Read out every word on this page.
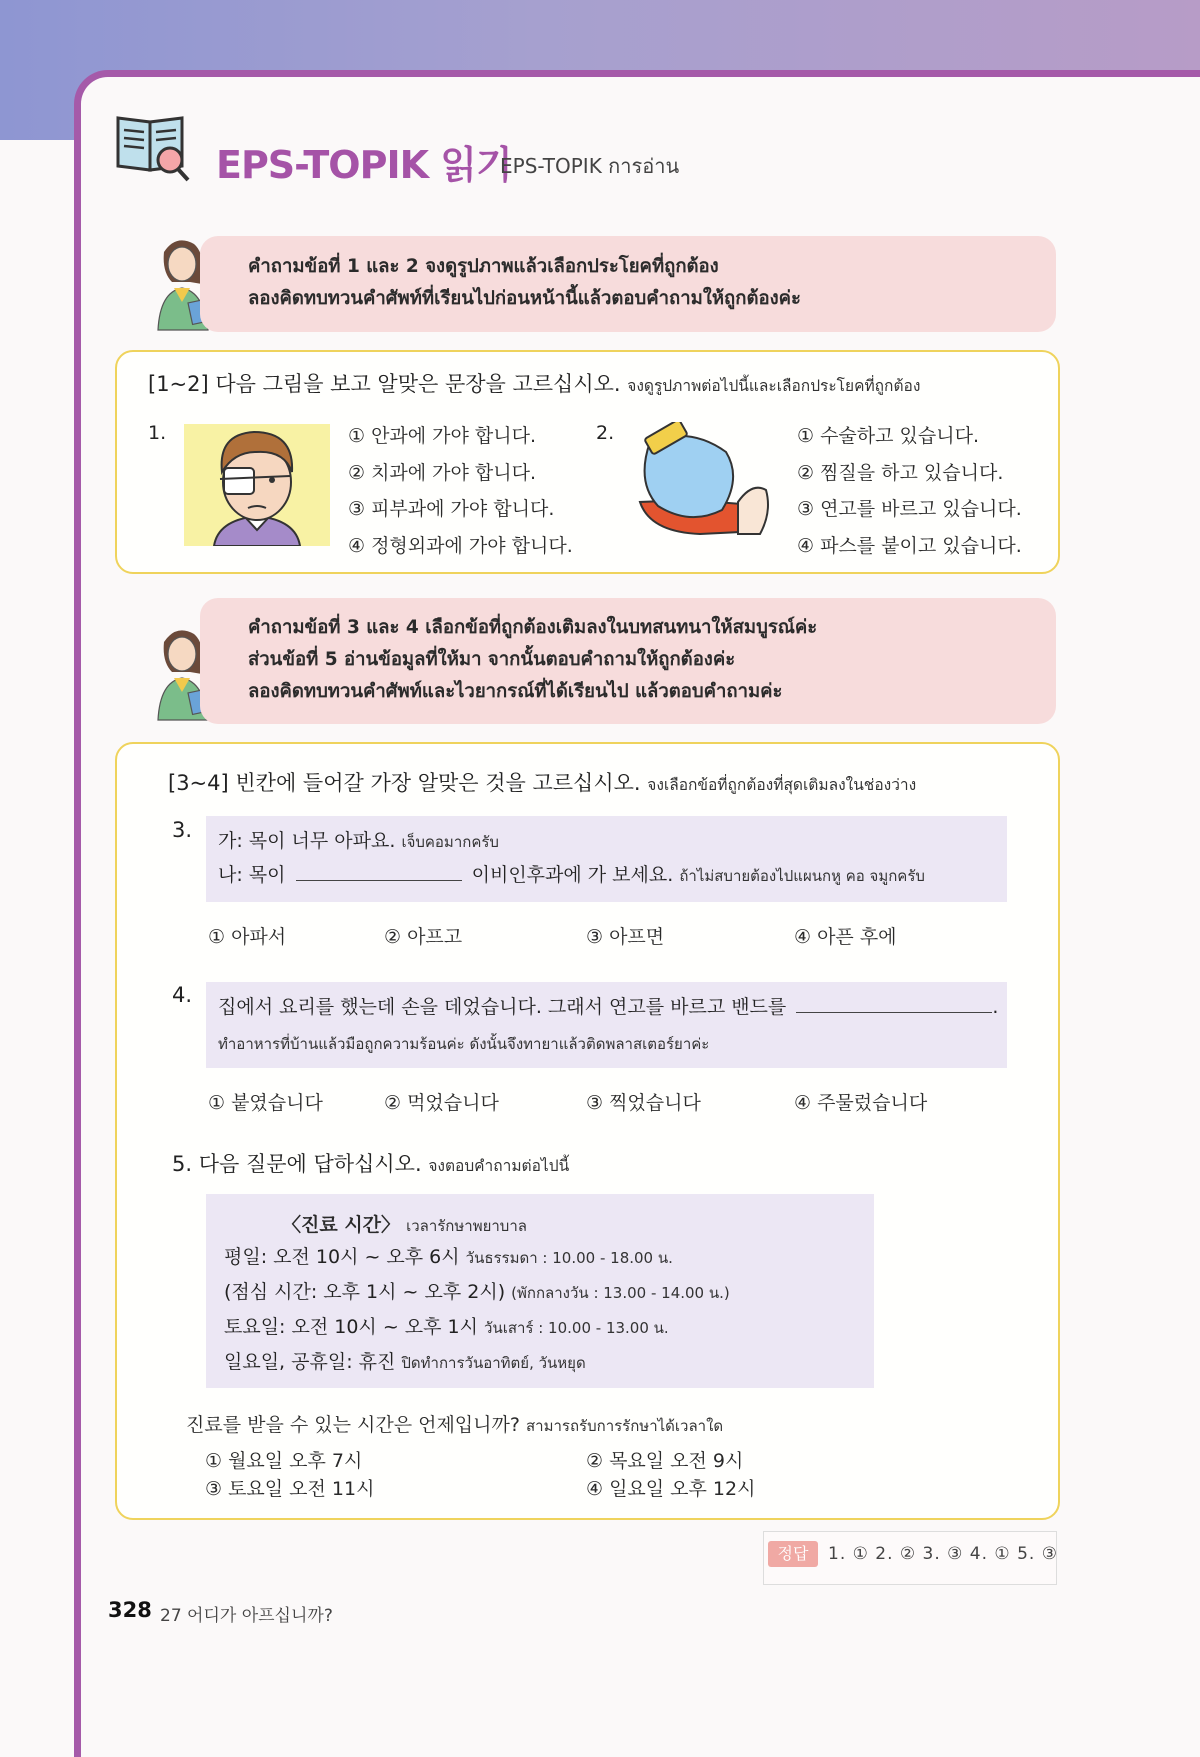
EPS-TOPIK 읽기
EPS-TOPIK การอ่าน
คำถามข้อที่ 1 และ 2 จงดูรูปภาพแล้วเลือกประโยคที่ถูกต้อง
ลองคิดทบทวนคำศัพท์ที่เรียนไปก่อนหน้านี้แล้วตอบคำถามให้ถูกต้องค่ะ
[1~2] 다음 그림을 보고 알맞은 문장을 고르십시오. จงดูรูปภาพต่อไปนี้และเลือกประโยคที่ถูกต้อง
1.	① 안과에 가야 합니다.
② 치과에 가야 합니다.
③ 피부과에 가야 합니다.
④ 정형외과에 가야 합니다.
2.	① 수술하고 있습니다.
② 찜질을 하고 있습니다.
③ 연고를 바르고 있습니다.
④ 파스를 붙이고 있습니다.
คำถามข้อที่ 3 และ 4 เลือกข้อที่ถูกต้องเติมลงในบทสนทนาให้สมบูรณ์ค่ะ
ส่วนข้อที่ 5 อ่านข้อมูลที่ให้มา จากนั้นตอบคำถามให้ถูกต้องค่ะ
ลองคิดทบทวนคำศัพท์และไวยากรณ์ที่ได้เรียนไป แล้วตอบคำถามค่ะ
[3~4] 빈칸에 들어갈 가장 알맞은 것을 고르십시오. จงเลือกข้อที่ถูกต้องที่สุดเติมลงในช่องว่าง
3. 가: 목이 너무 아파요. เจ็บคอมากครับ
나: 목이	이비인후과에 가 보세요. ถ้าไม่สบายต้องไปแผนกหู คอ จมูกครับ
① 아파서	② 아프고	③ 아프면	④ 아픈 후에
4. 집에서 요리를 했는데 손을 데었습니다. 그래서 연고를 바르고 밴드를	.
ทำอาหารที่บ้านแล้วมือถูกความร้อนค่ะ ดังนั้นจึงทายาแล้วติดพลาสเตอร์ยาค่ะ
① 붙였습니다	② 먹었습니다	③ 찍었습니다	④ 주물렀습니다
5. 다음 질문에 답하십시오. จงตอบคำถามต่อไปนี้
〈진료 시간〉 เวลารักษาพยาบาล
평일: 오전 10시 ~ 오후 6시 วันธรรมดา : 10.00 - 18.00 น.
(점심 시간: 오후 1시 ~ 오후 2시) (พักกลางวัน : 13.00 - 14.00 น.)
토요일: 오전 10시 ~ 오후 1시 วันเสาร์ : 10.00 - 13.00 น.
일요일, 공휴일: 휴진 ปิดทำการวันอาทิตย์, วันหยุด
진료를 받을 수 있는 시간은 언제입니까? สามารถรับการรักษาได้เวลาใด
① 월요일 오후 7시	② 목요일 오전 9시
③ 토요일 오전 11시	④ 일요일 오후 12시
정답	1. ① 2. ② 3. ③ 4. ① 5. ③
328 27 어디가 아프십니까?
